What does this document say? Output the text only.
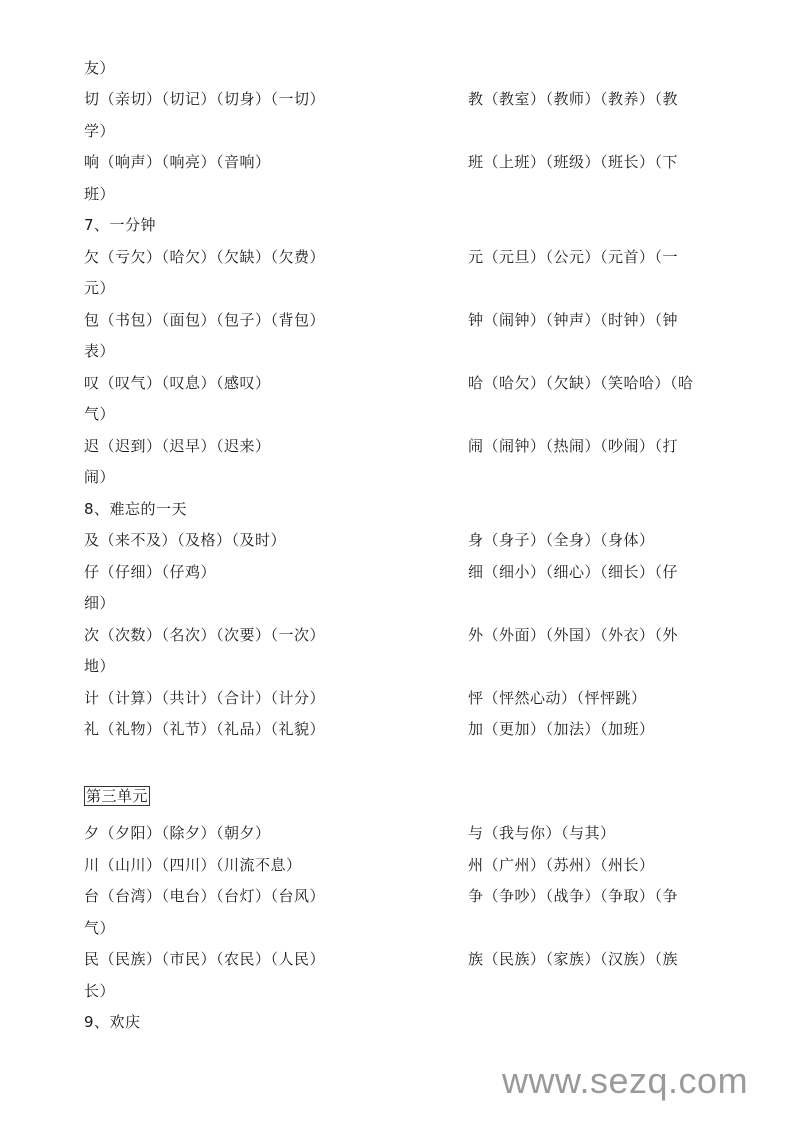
友）
切（亲切）（切记）（切身）（一切）	教（教室）（教师）（教养）（教
学）
响（响声）（响亮）（音响）	班（上班）（班级）（班长）（下
班）
7、一分钟
欠（亏欠）（哈欠）（欠缺）（欠费）	元（元旦）（公元）（元首）（一
元）
包（书包）（面包）（包子）（背包）	钟（闹钟）（钟声）（时钟）（钟
表）
叹（叹气）（叹息）（感叹）	哈（哈欠）（欠缺）（笑哈哈）（哈
气）
迟（迟到）（迟早）（迟来）	闹（闹钟）（热闹）（吵闹）（打
闹）
8、难忘的一天
及（来不及）（及格）（及时）	身（身子）（全身）（身体）
仔（仔细）（仔鸡）	细（细小）（细心）（细长）（仔
细）
次（次数）（名次）（次要）（一次）	外（外面）（外国）（外衣）（外
地）
计（计算）（共计）（合计）（计分）	怦（怦然心动）（怦怦跳）
礼（礼物）（礼节）（礼品）（礼貌）	加（更加）（加法）（加班）
夕（夕阳）（除夕）（朝夕）	与（我与你）（与其）
川（山川）（四川）（川流不息）	州（广州）（苏州）（州长）
台（台湾）（电台）（台灯）（台风）	争（争吵）（战争）（争取）（争
气）
民（民族）（市民）（农民）（人民）	族（民族）（家族）（汉族）（族
长）
9、欢庆
第三单元
www.sezq.com
